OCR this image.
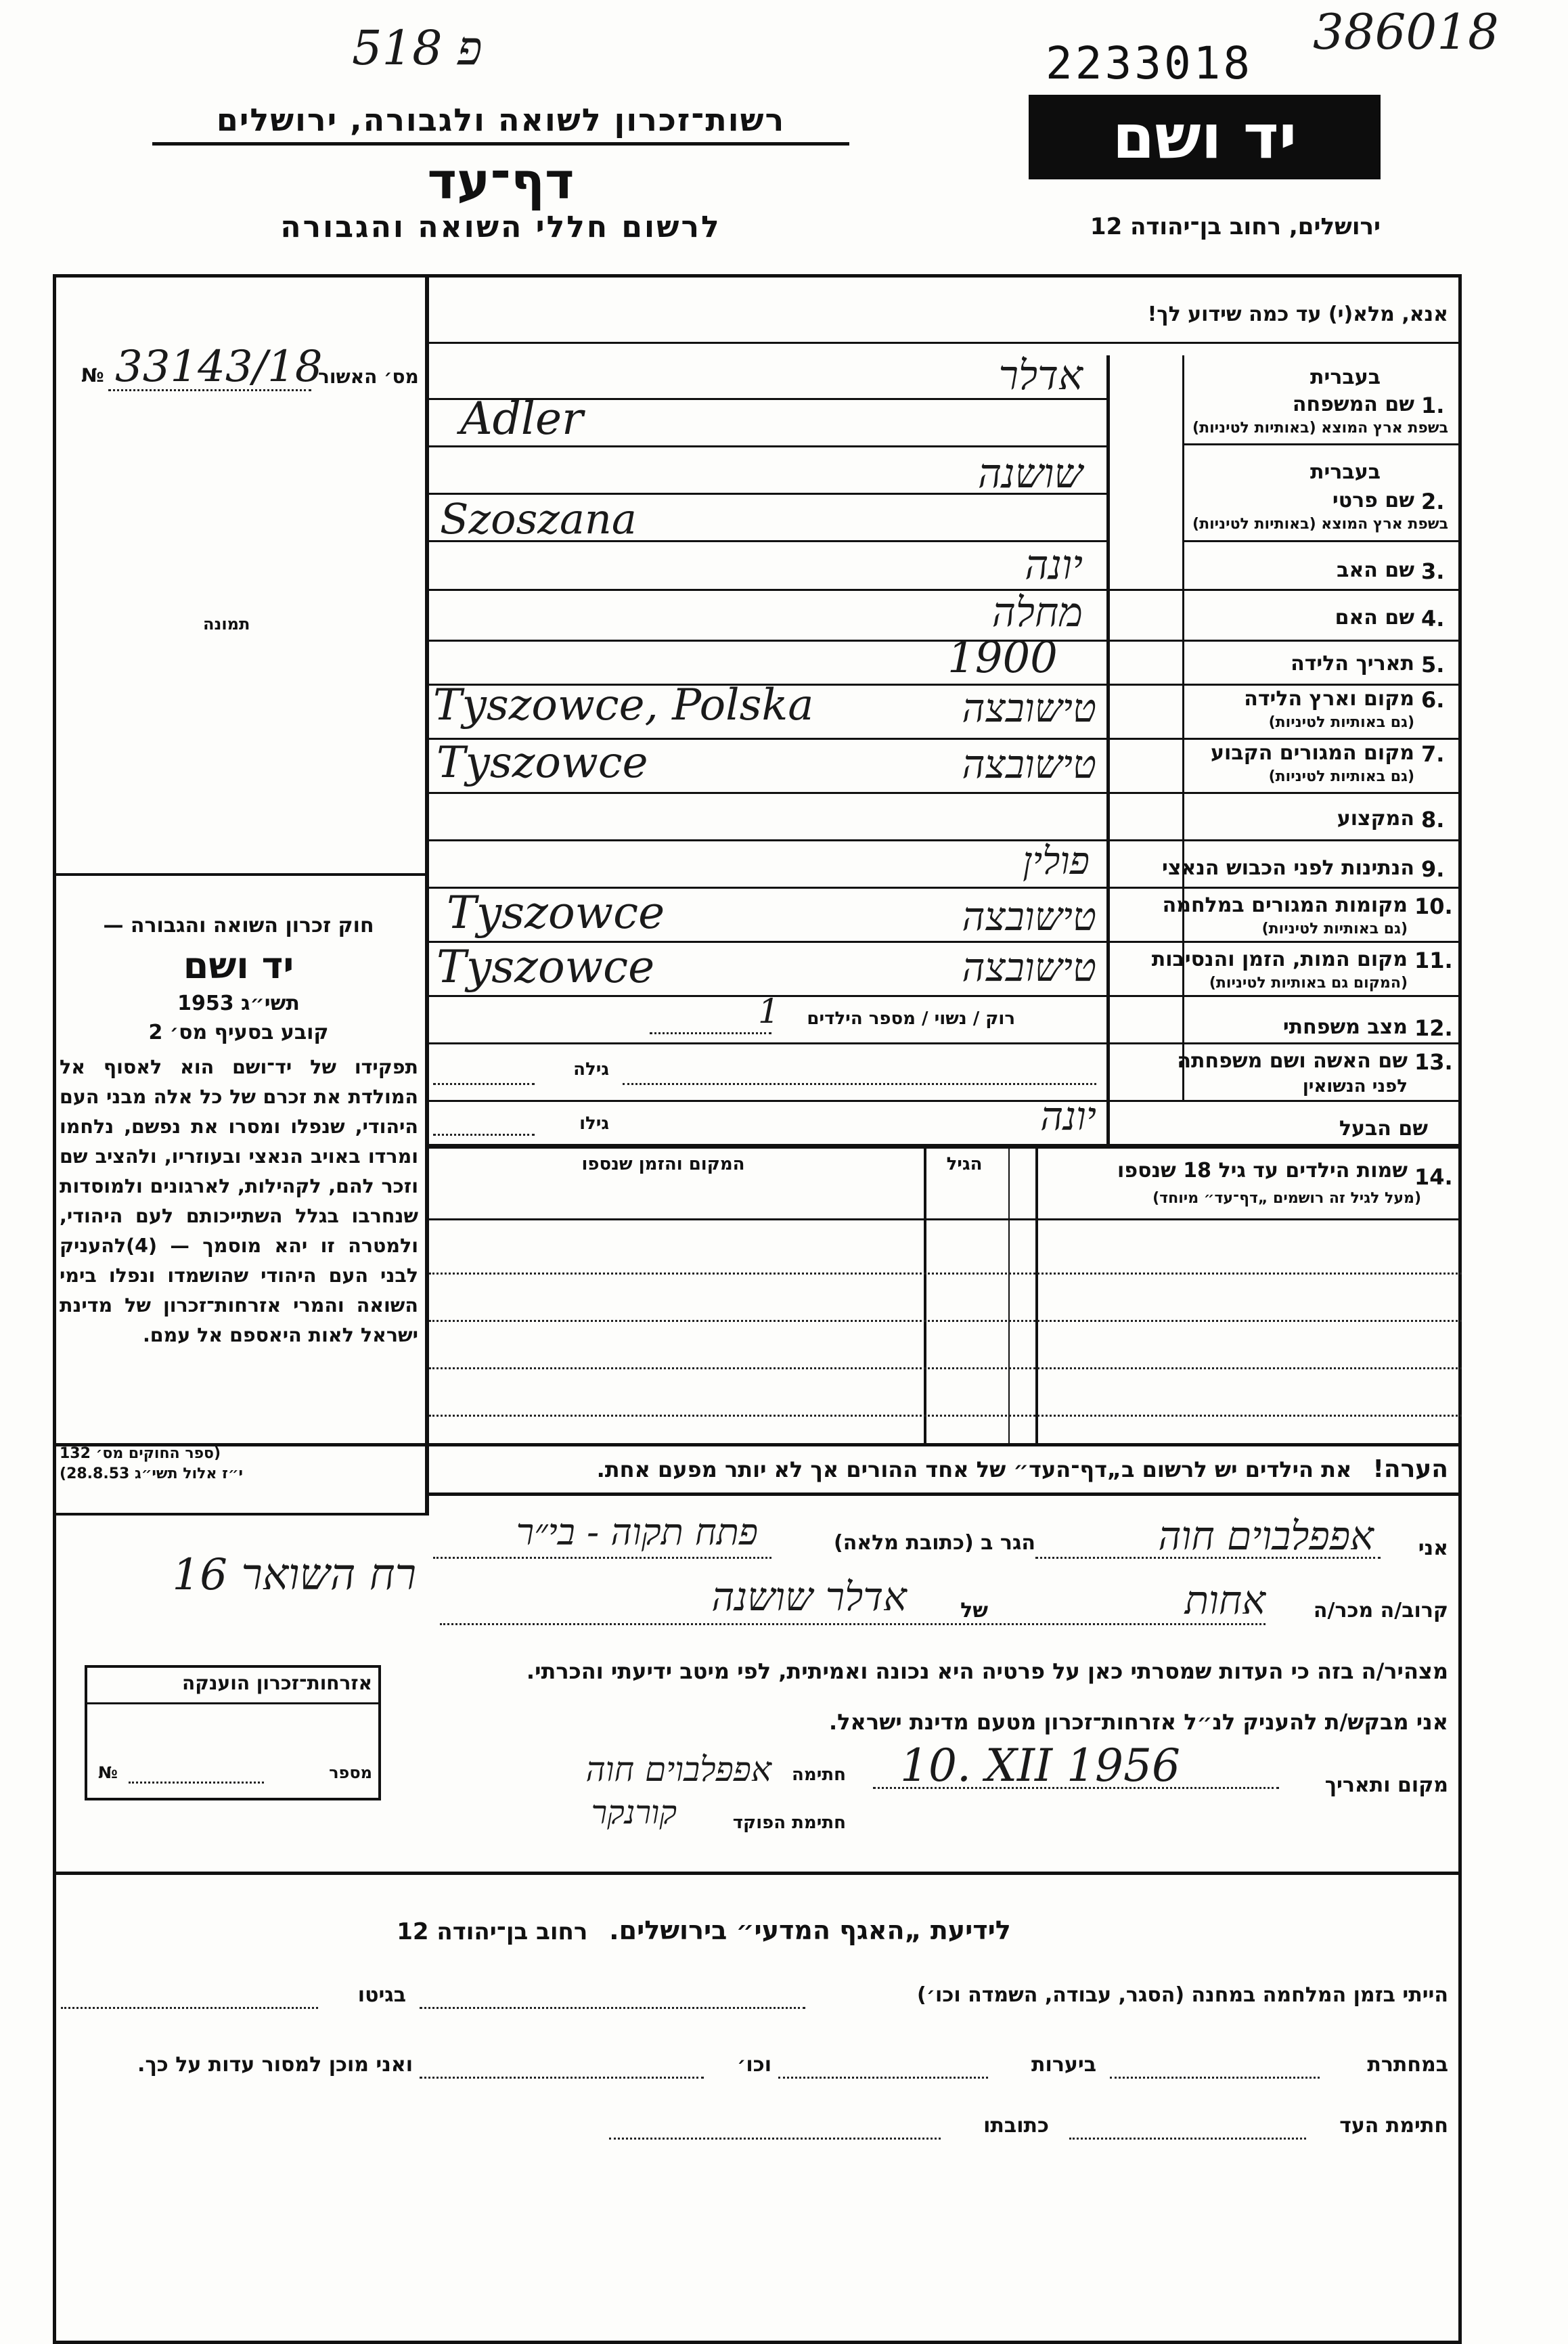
פ 518	2233018
386018
רשות־זכרון לשואה ולגבורה, ירושלים
דף־עד
לרשום חללי השואה והגבורה
יד ושם
ירושלים, רחוב בן־יהודה 12
אנא, מלא(י) עד כמה שידוע לך!
מס׳ האשור
№ 33143/18
תמונה
בעברית
1.
שם המשפחה
בשפת ארץ המוצא (באותיות לטיניות)
אדלר
Adler
בעברית
2.
שם פרטי
בשפת ארץ המוצא (באותיות לטיניות)
שושנה
Szoszana
3.
שם האב
יונה
4.
שם האם
מחלה
5.
תאריך הלידה
1900
6.
מקום וארץ הלידה
(גם באותיות לטיניות)
טישובצה
Tyszowce, Polska
7.
מקום המגורים הקבוע
(גם באותיות לטיניות)
טישובצה
Tyszowce
8.
המקצוע
9.
הנתינות לפני הכבוש הנאצי
פולין
10.
מקומות המגורים במלחמה
(גם באותיות לטיניות)
טישובצה
Tyszowce
11.
מקום המות, הזמן והנסיבות
(המקום גם באותיות לטיניות)
טישובצה
Tyszowce
12.
מצב משפחתי
רוק / נשוי / מספר הילדים
1
13.
שם האשה ושם משפחתה
לפני הנשואין
גילה
שם הבעל
יונה
גילו
14.
שמות הילדים עד גיל 18 שנספו
(מעל לגיל זה רושמים „דף־עד״ מיוחד)
הגיל
המקום והזמן שנספו
חוק זכרון השואה והגבורה —
יד ושם
תשי״ג 1953
קובע בסעיף מס׳ 2
תפקידו של יד־ושם הוא לאסוף אל המולדת את זכרם של כל אלה מבני העם היהודי, שנפלו ומסרו את נפשם, נלחמו ומרדו באויב הנאצי ובעוזריו, ולהציב שם וזכר להם, לקהילות, לארגונים ולמוסדות שנחרבו בגלל השתייכותם לעם היהודי, ולמטרה זו יהא מוסמך — (4)להעניק לבני העם היהודי שהושמדו ונפלו בימי השואה והמרי אזרחות־זכרון של מדינת ישראל לאות היאספם אל עמם.
(ספר החוקים מס׳ 132
י״ז אלול תשי״ג 28.8.53)	הערה! את הילדים יש לרשום ב„דף־העד״ של אחד ההורים אך לא יותר מפעם אחת.
אני
אפפלבוים חוה
הגר ב (כתובת מלאה)
פתח תקוה - בי״ר
רח השואר 16
קרוב/ה מכר/ה
אחות
של
אדלר שושנה
מצהיר/ה בזה כי העדות שמסרתי כאן על פרטיה היא נכונה ואמיתית, לפי מיטב ידיעתי והכרתי.
אני מבקש/ת להעניק לנ״ל אזרחות־זכרון מטעם מדינת ישראל.
מקום ותאריך
10. XII 1956
חתימה
אפפלבוים חוה
חתימת הפוקד
קורנקר
אזרחות־זכרון הוענקה
מספר
№
לידיעת „האגף המדעי״ בירושלים. רחוב בן־יהודה 12
הייתי בזמן המלחמה במחנה (הסגר, עבודה, השמדה וכו׳)
בגיטו
במחתרת
ביערות
וכו׳
ואני מוכן למסור עדות על כך.
חתימת העד
כתובתו
